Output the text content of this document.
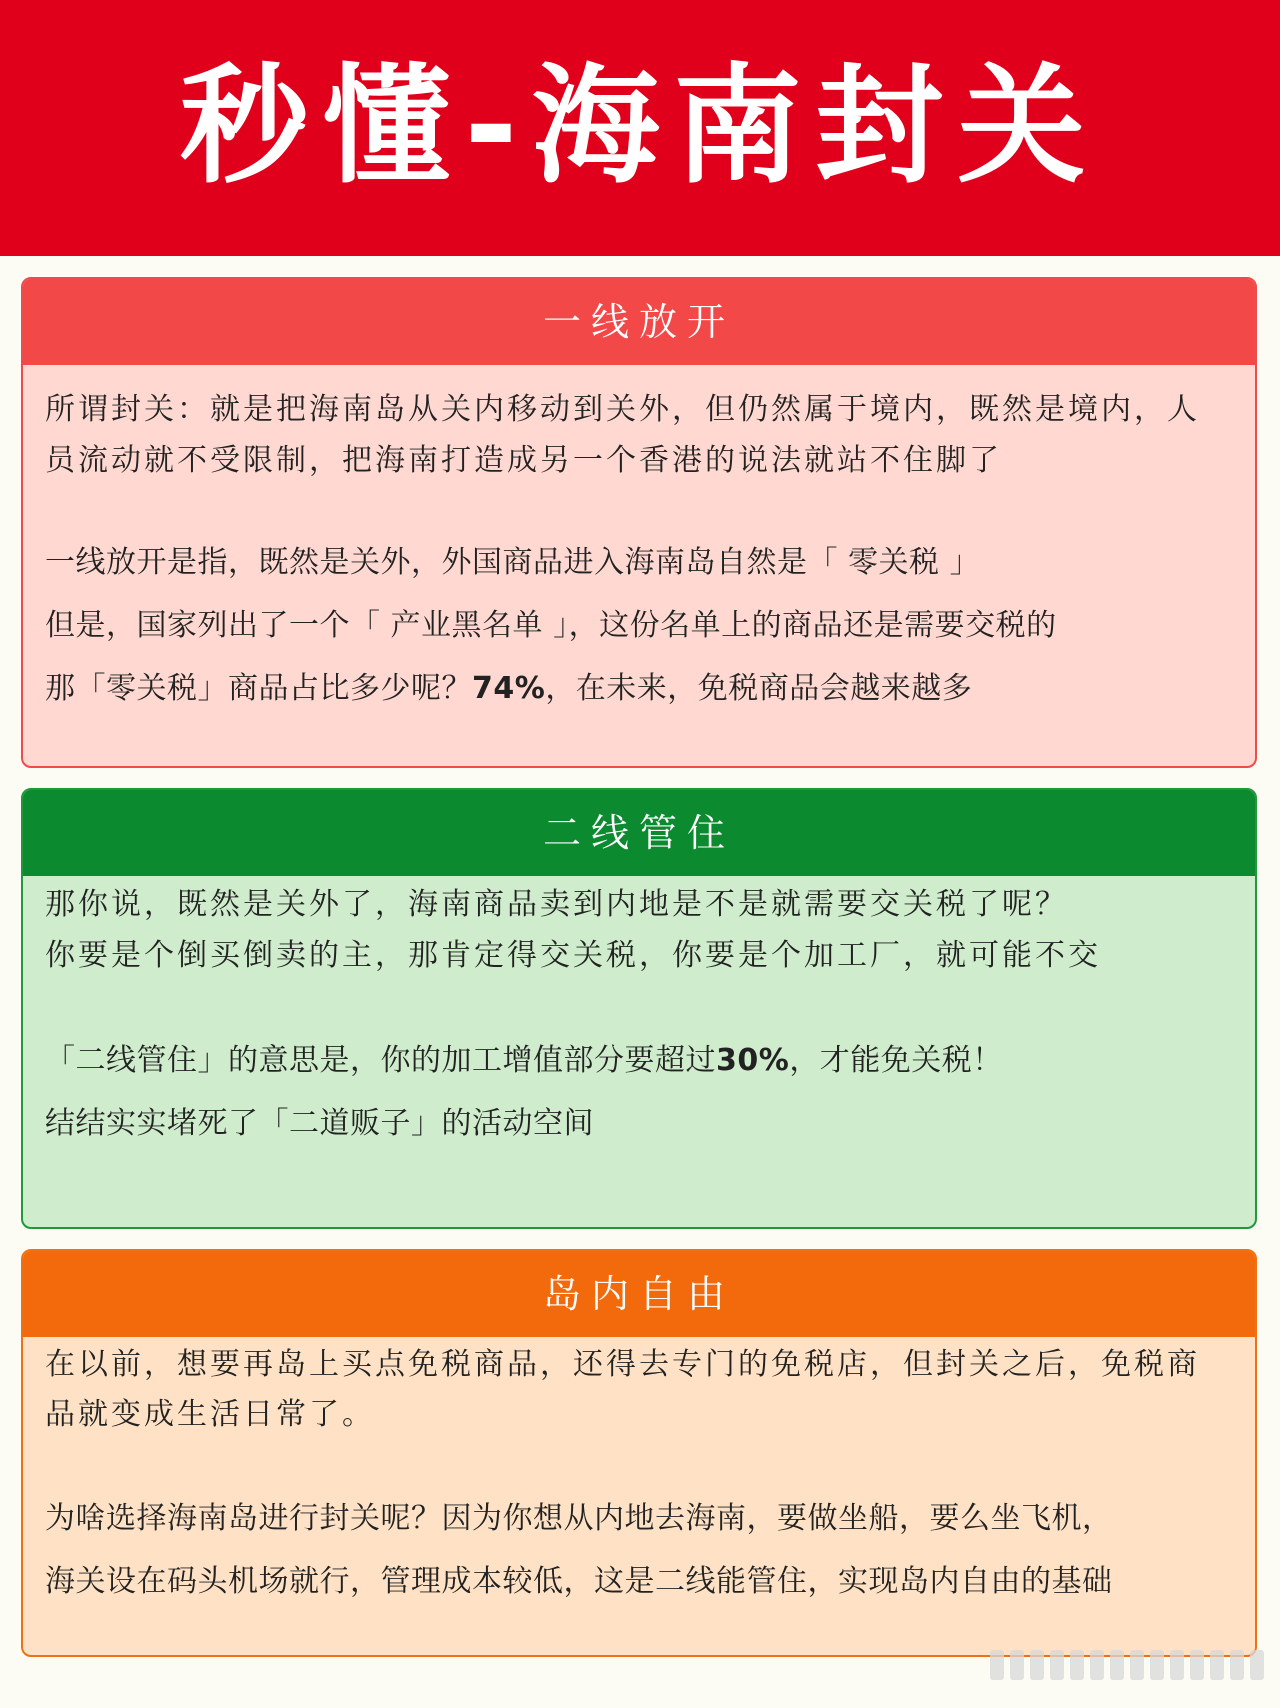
秒懂-海南封关
一线放开
所谓封关：就是把海南岛从关内移动到关外，但仍然属于境内，既然是境内，人
员流动就不受限制，把海南打造成另一个香港的说法就站不住脚了
一线放开是指，既然是关外，外国商品进入海南岛自然是「 零关税 」
但是，国家列出了一个「 产业黑名单 」，这份名单上的商品还是需要交税的
那「零关税」商品占比多少呢？74%，在未来，免税商品会越来越多
二线管住
那你说，既然是关外了，海南商品卖到内地是不是就需要交关税了呢？
你要是个倒买倒卖的主，那肯定得交关税，你要是个加工厂，就可能不交
「二线管住」的意思是，你的加工增值部分要超过30%，才能免关税！
结结实实堵死了「二道贩子」的活动空间
岛内自由
在以前，想要再岛上买点免税商品，还得去专门的免税店，但封关之后，免税商
品就变成生活日常了。
为啥选择海南岛进行封关呢？因为你想从内地去海南，要做坐船，要么坐飞机，
海关设在码头机场就行，管理成本较低，这是二线能管住，实现岛内自由的基础
